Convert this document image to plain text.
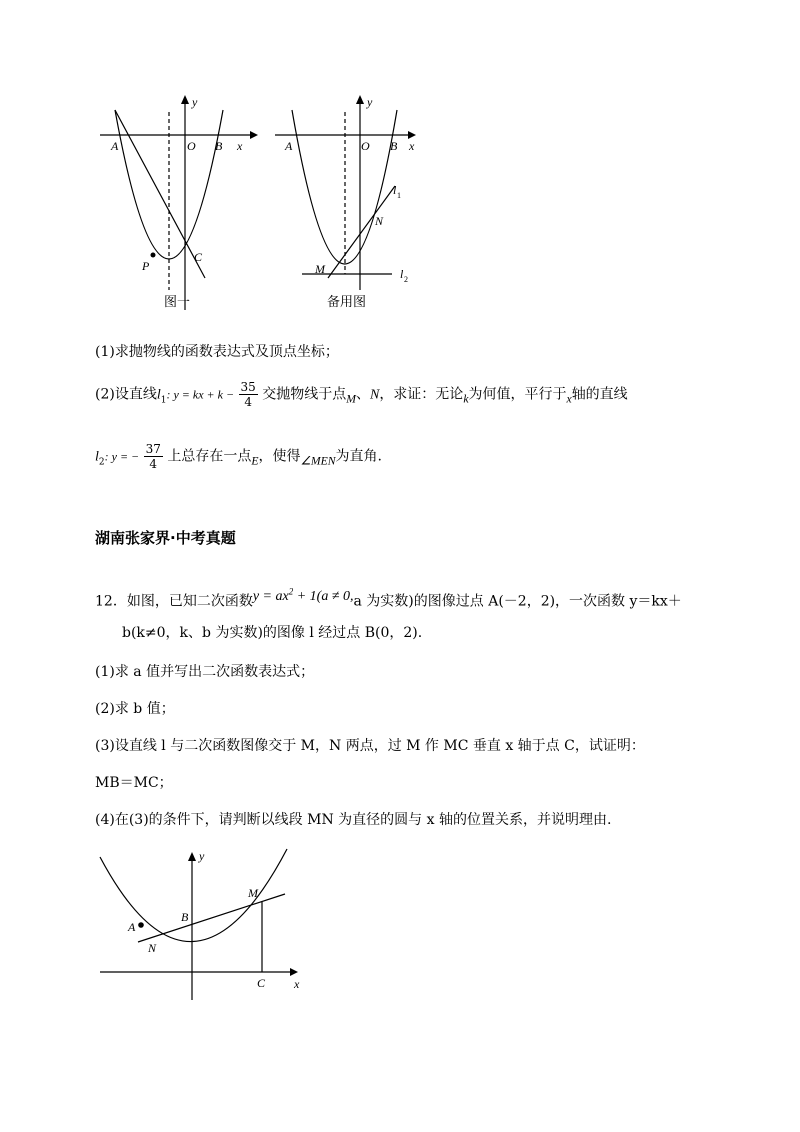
y
x
A	O B
P
C
图一
y
x
A	O B
l 1
N
M	l 2
备用图
(1)求抛物线的函数表达式及顶点坐标；
(2)设直线$l_1$: y = kx + $k - \frac{35}{4}$ 交抛物线于点$_M$、N，求证：无论$_k$为何值，平行于$_x$轴的直线
$l_2$: y = − $\frac{37}{4}$ 上总存在一点$_E$，使得$_{\angle MEN}$为直角.
湖南张家界·中考真题
12．如图，已知二次函数$y = ax^2 + 1(a \ne 0,a$ 为实数)的图像过点 A(－2，2)，一次函数 y＝kx＋
b(k≠0，k、b 为实数)的图像 l 经过点 B(0，2).
(1)求 a 值并写出二次函数表达式；
(2)求 b 值；
(3)设直线 l 与二次函数图像交于 M，N 两点，过 M 作 MC 垂直 x 轴于点 C，试证明：
MB＝MC；
(4)在(3)的条件下，请判断以线段 MN 为直径的圆与 x 轴的位置关系，并说明理由.
y
x
M
A
B
N
C
